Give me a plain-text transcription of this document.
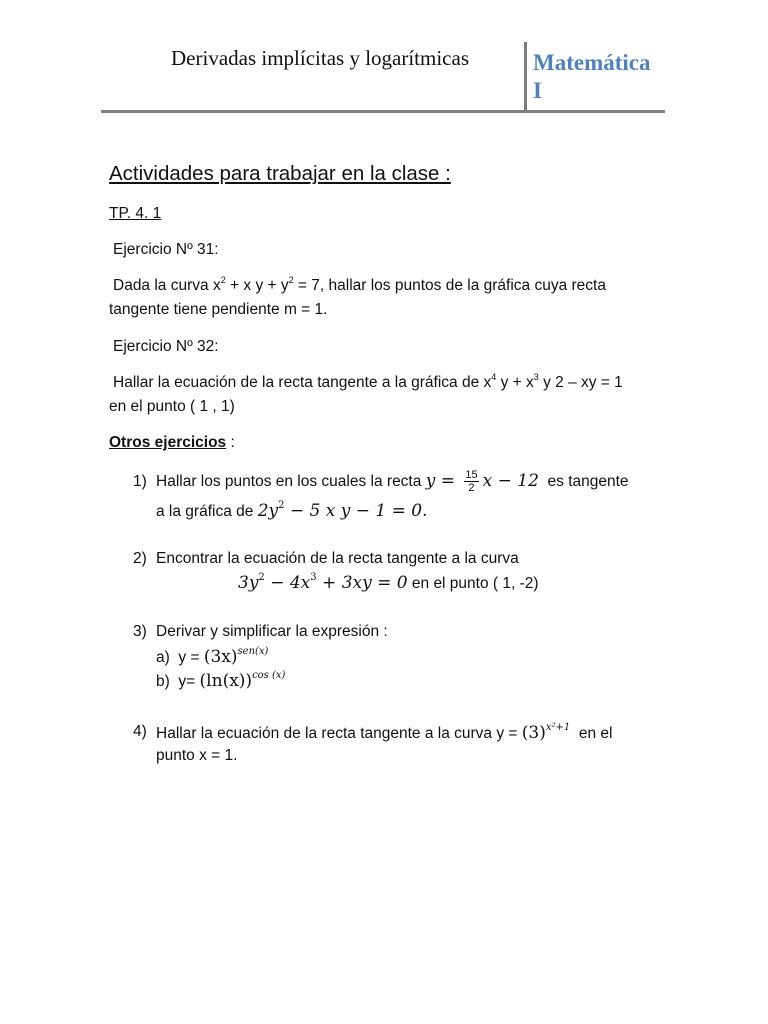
Derivadas implícitas y logarítmicas	Matemática I
Actividades para trabajar en la clase :
TP. 4. 1
Ejercicio Nº 31:
Dada la curva $x^2 + x$ $y + y^2 = 7$, hallar los puntos de la gráfica cuya recta
tangente tiene pendiente m = 1.
Ejercicio Nº 32:
Hallar la ecuación de la recta tangente a la gráfica de $x^4$ $y + x^3$ y 2 – xy = 1
en el punto ( 1 , 1)
Otros ejercicios :
1) Hallar los puntos en los cuales la recta $y = \frac{15}{2}$ x − 12 es tangente
a la gráfica de $2y^2 - 5$ x y − 1 = 0.
2) Encontrar la ecuación de la recta tangente a la curva
$3y^2 - 4x^3 + 3xy = 0$ en el punto ( 1, -2)
3) Derivar y simplificar la expresión :
a) $y = (3x)^{sen(x)}$
b) $y= (\ln(x))^{cos (x)}$
4) Hallar la ecuación de la recta tangente a la curva $y = (3)^{x^2+1}$ en el
punto x = 1.
